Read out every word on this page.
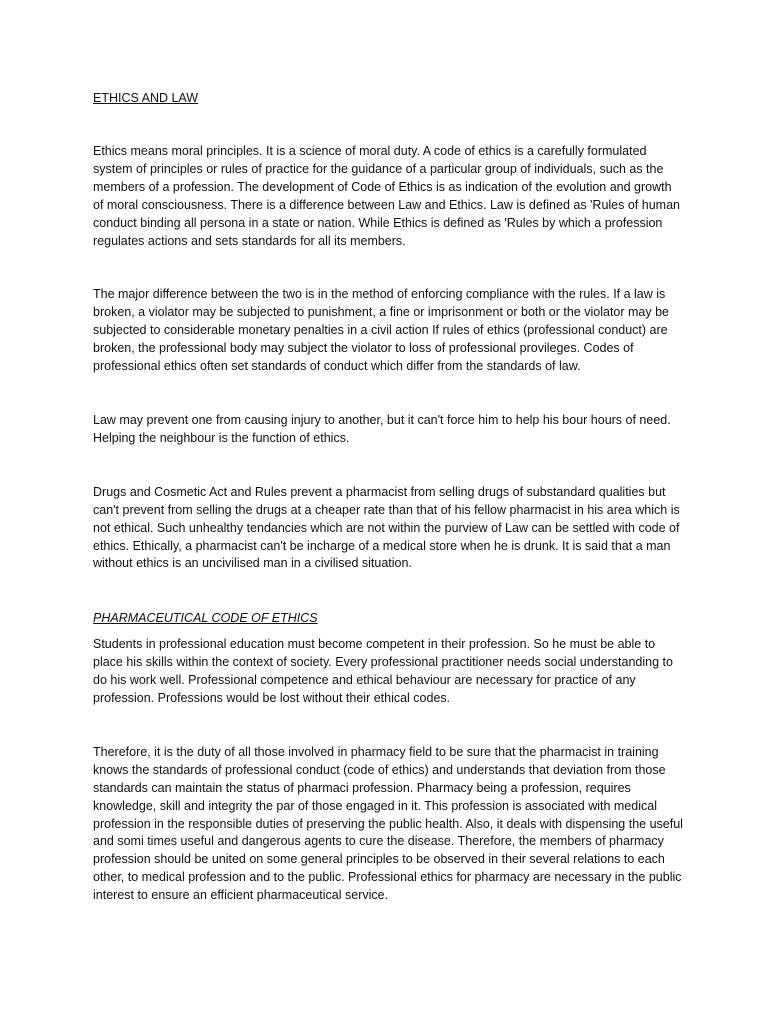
ETHICS AND LAW

Ethics means moral principles. It is a science of moral duty. A code of ethics is a carefully formulated system of principles or rules of practice for the guidance of a particular group of individuals, such as the members of a profession. The development of Code of Ethics is as indication of the evolution and growth of moral consciousness. There is a difference between Law and Ethics. Law is defined as 'Rules of human conduct binding all persona in a state or nation. While Ethics is defined as 'Rules by which a profession regulates actions and sets standards for all its members.

The major difference between the two is in the method of enforcing compliance with the rules. If a law is broken, a violator may be subjected to punishment, a fine or imprisonment or both or the violator may be subjected to considerable monetary penalties in a civil action If rules of ethics (professional conduct) are broken, the professional body may subject the violator to loss of professional provileges. Codes of professional ethics often set standards of conduct which differ from the standards of law.

Law may prevent one from causing injury to another, but it can't force him to help his bour hours of need. Helping the neighbour is the function of ethics.

Drugs and Cosmetic Act and Rules prevent a pharmacist from selling drugs of substandard qualities but can't prevent from selling the drugs at a cheaper rate than that of his fellow pharmacist in his area which is not ethical. Such unhealthy tendancies which are not within the purview of Law can be settled with code of ethics. Ethically, a pharmacist can't be incharge of a medical store when he is drunk. It is said that a man without ethics is an uncivilised man in a civilised situation.

PHARMACEUTICAL CODE OF ETHICS

Students in professional education must become competent in their profession. So he must be able to place his skills within the context of society. Every professional practitioner needs social understanding to do his work well. Professional competence and ethical behaviour are necessary for practice of any profession. Professions would be lost without their ethical codes.

Therefore, it is the duty of all those involved in pharmacy field to be sure that the pharmacist in training knows the standards of professional conduct (code of ethics) and understands that deviation from those standards can maintain the status of pharmaci profession. Pharmacy being a profession, requires knowledge, skill and integrity the par of those engaged in it. This profession is associated with medical profession in the responsible duties of preserving the public health. Also, it deals with dispensing the useful and somi times useful and dangerous agents to cure the disease. Therefore, the members of pharmacy profession should be united on some general principles to be observed in their several relations to each other, to medical profession and to the public. Professional ethics for pharmacy are necessary in the public interest to ensure an efficient pharmaceutical service.
